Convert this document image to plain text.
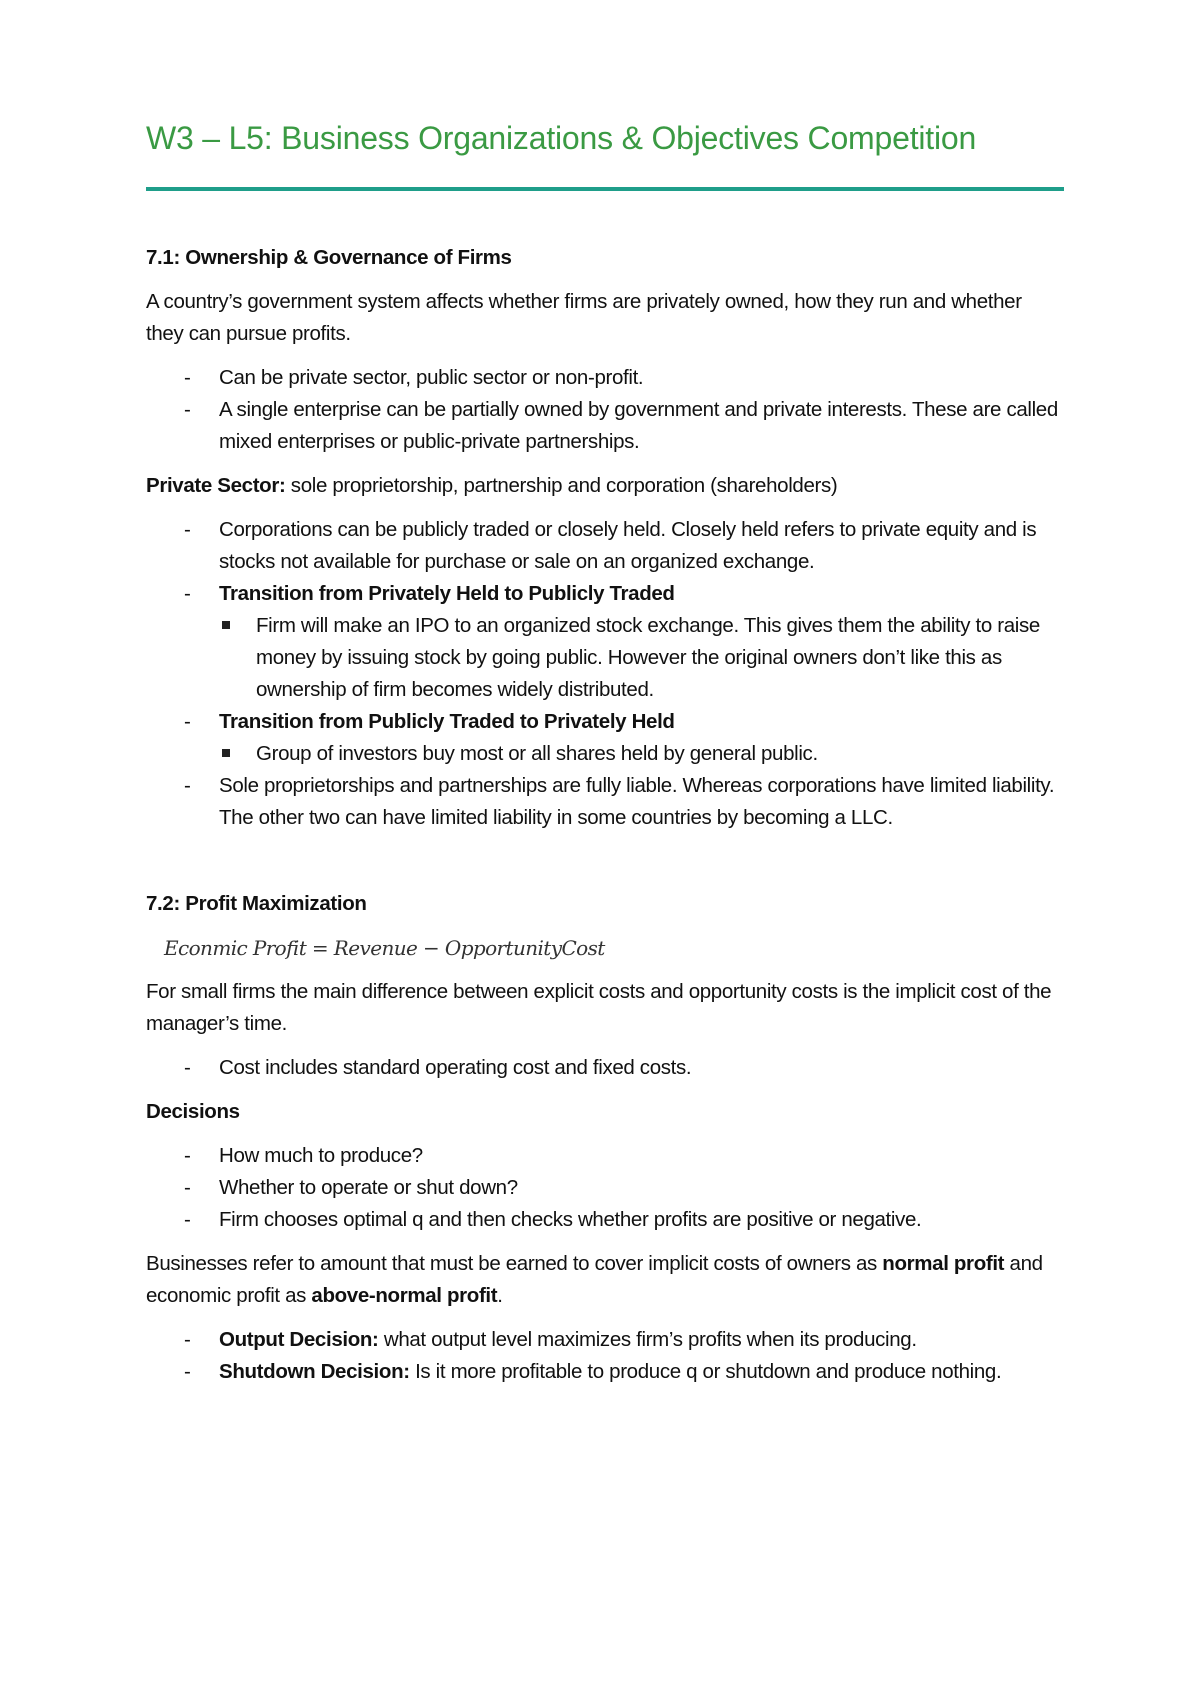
W3 – L5: Business Organizations & Objectives Competition
7.1: Ownership & Governance of Firms
A country’s government system affects whether firms are privately owned, how they run and whether they can pursue profits.
- Can be private sector, public sector or non-profit.
- A single enterprise can be partially owned by government and private interests. These are called mixed enterprises or public-private partnerships.
Private Sector: sole proprietorship, partnership and corporation (shareholders)
- Corporations can be publicly traded or closely held. Closely held refers to private equity and is stocks not available for purchase or sale on an organized exchange.
- Transition from Privately Held to Publicly Traded
Firm will make an IPO to an organized stock exchange. This gives them the ability to raise money by issuing stock by going public. However the original owners don’t like this as ownership of firm becomes widely distributed.
- Transition from Publicly Traded to Privately Held
Group of investors buy most or all shares held by general public.
- Sole proprietorships and partnerships are fully liable. Whereas corporations have limited liability. The other two can have limited liability in some countries by becoming a LLC.
7.2: Profit Maximization
Econmic Profit = Revenue − OpportunityCost
For small firms the main difference between explicit costs and opportunity costs is the implicit cost of the manager’s time.
- Cost includes standard operating cost and fixed costs.
Decisions
- How much to produce?
- Whether to operate or shut down?
- Firm chooses optimal q and then checks whether profits are positive or negative.
Businesses refer to amount that must be earned to cover implicit costs of owners as normal profit and economic profit as above-normal profit.
- Output Decision: what output level maximizes firm’s profits when its producing.
- Shutdown Decision: Is it more profitable to produce q or shutdown and produce nothing.
